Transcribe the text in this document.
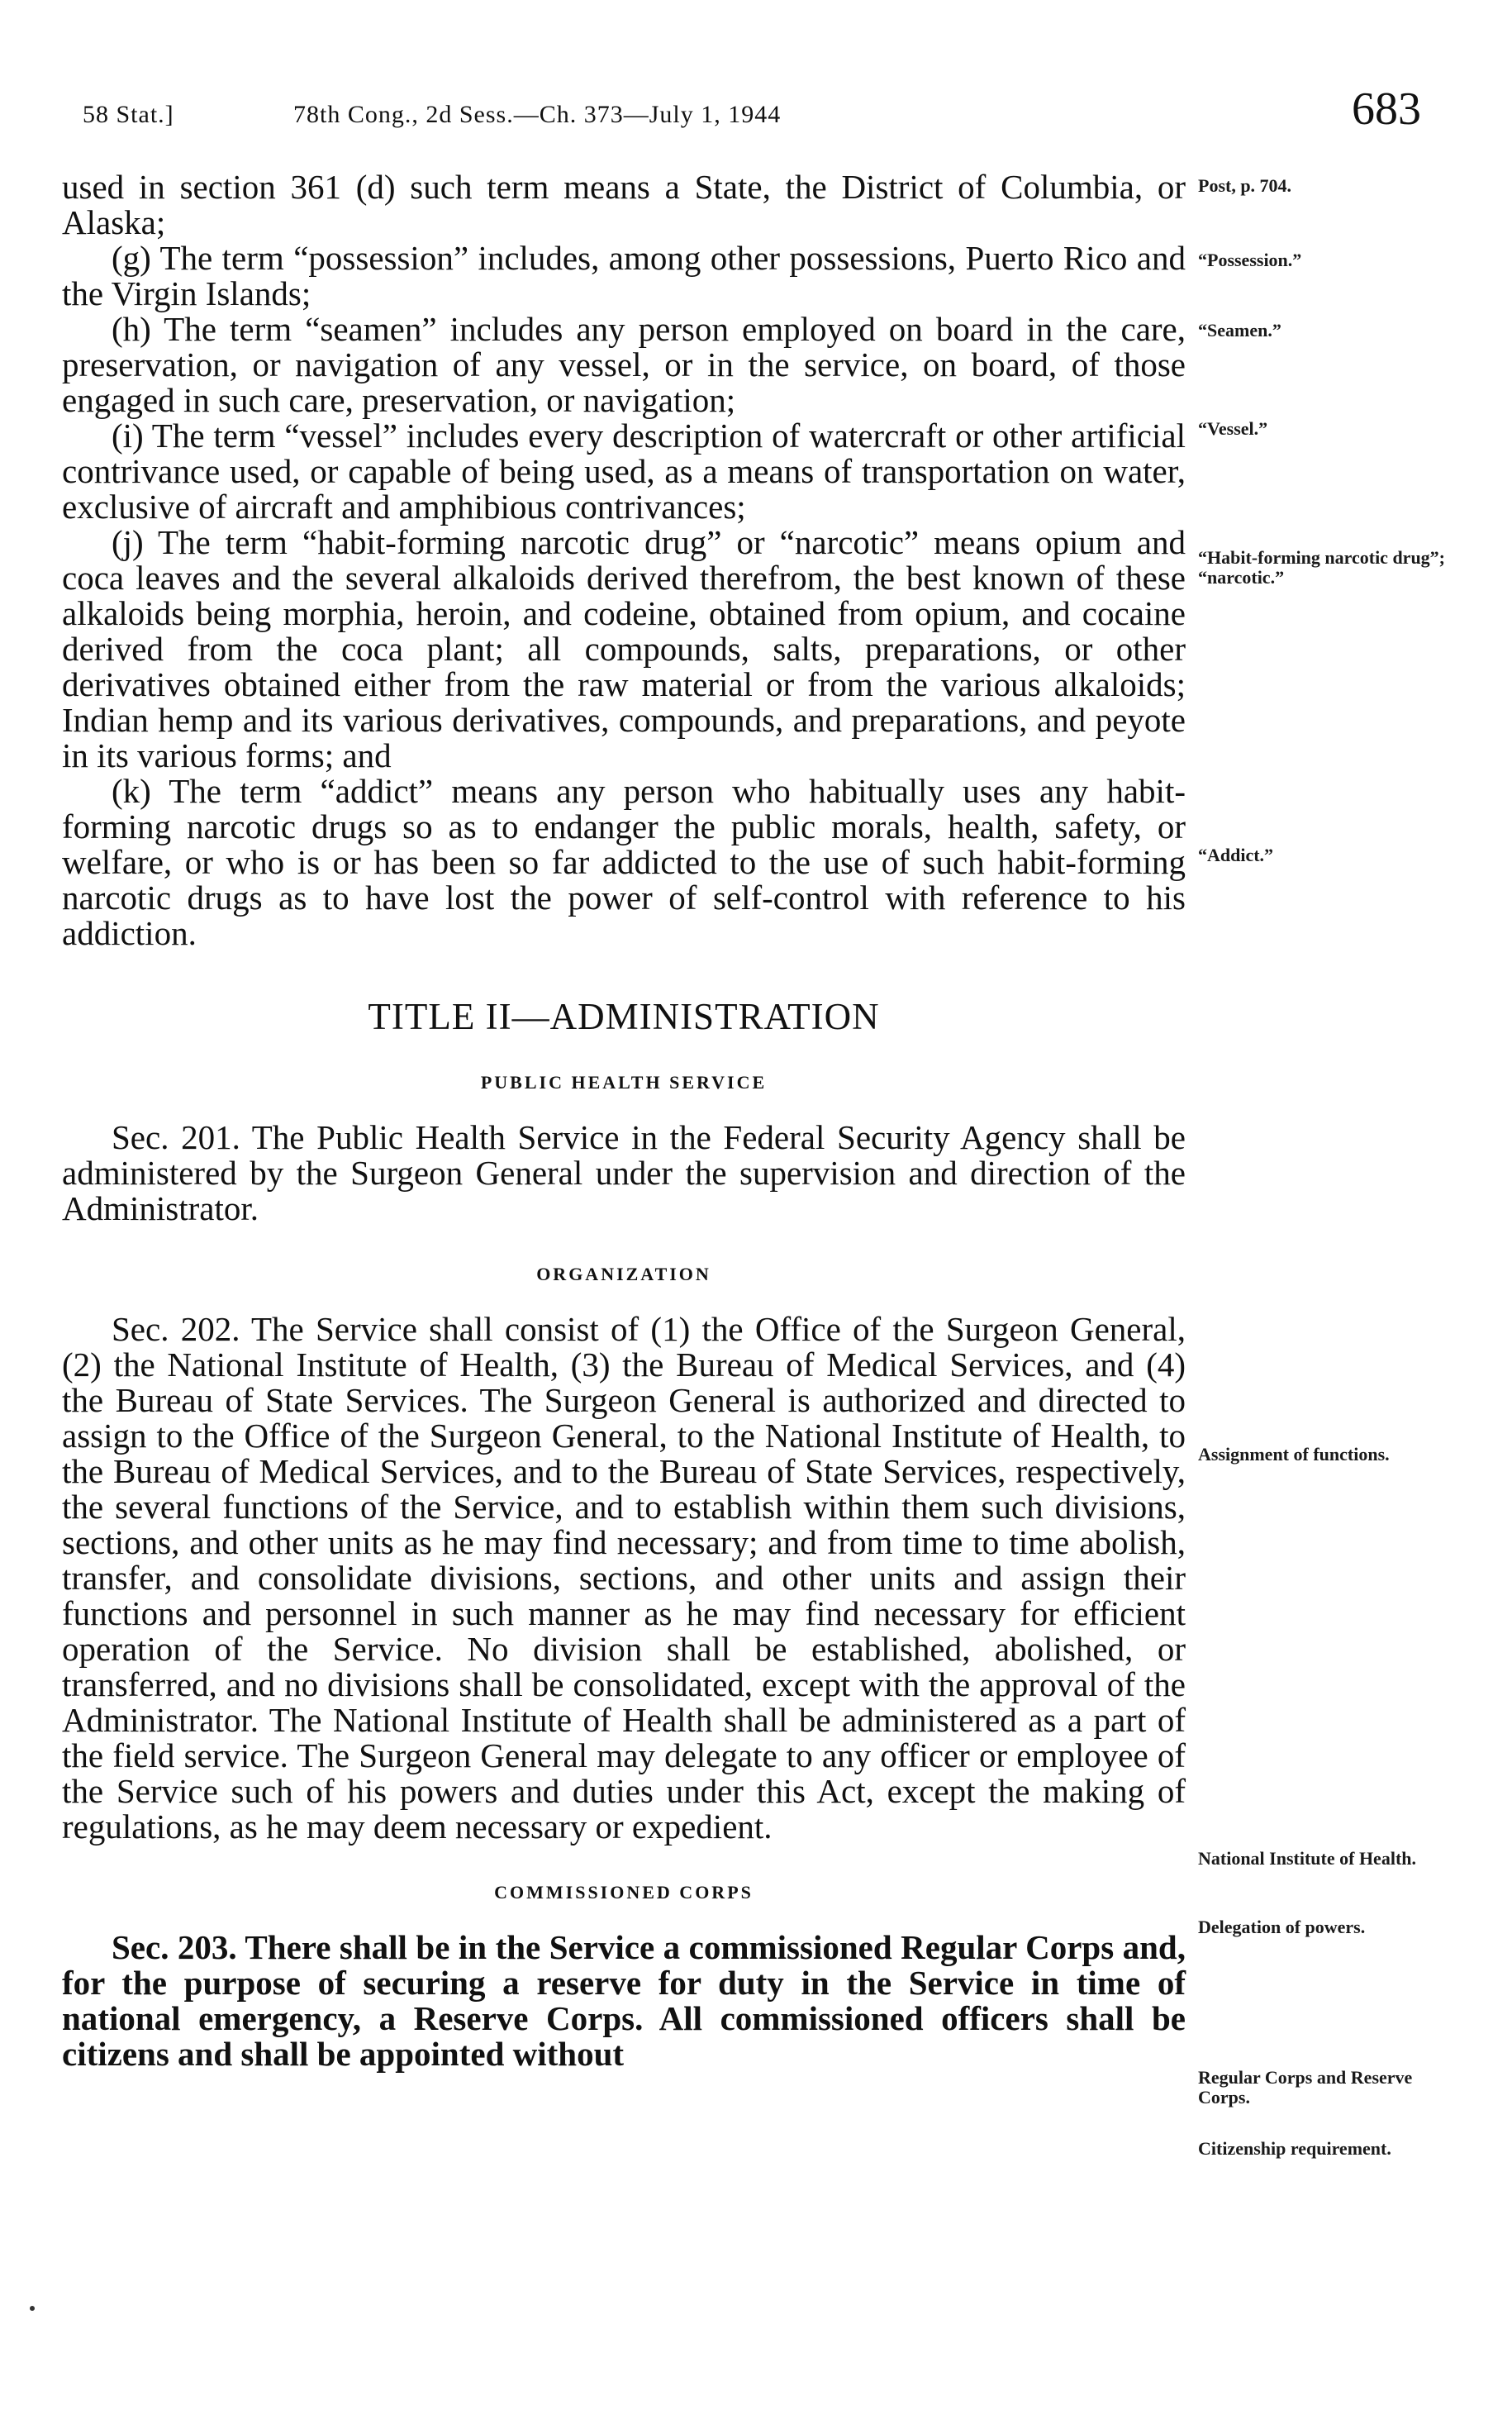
58 Stat.]	78th Cong., 2d Sess.—Ch. 373—July 1, 1944	683

used in section 361 (d) such term means a State, the District of Columbia, or Alaska;

(g) The term “possession” includes, among other possessions, Puerto Rico and the Virgin Islands;

(h) The term “seamen” includes any person employed on board in the care, preservation, or navigation of any vessel, or in the service, on board, of those engaged in such care, preservation, or navigation;

(i) The term “vessel” includes every description of watercraft or other artificial contrivance used, or capable of being used, as a means of transportation on water, exclusive of aircraft and amphibious contrivances;

(j) The term “habit-forming narcotic drug” or “narcotic” means opium and coca leaves and the several alkaloids derived therefrom, the best known of these alkaloids being morphia, heroin, and codeine, obtained from opium, and cocaine derived from the coca plant; all compounds, salts, preparations, or other derivatives obtained either from the raw material or from the various alkaloids; Indian hemp and its various derivatives, compounds, and preparations, and peyote in its various forms; and

(k) The term “addict” means any person who habitually uses any habit-forming narcotic drugs so as to endanger the public morals, health, safety, or welfare, or who is or has been so far addicted to the use of such habit-forming narcotic drugs as to have lost the power of self-control with reference to his addiction.

TITLE II—ADMINISTRATION
PUBLIC HEALTH SERVICE

Sec. 201. The Public Health Service in the Federal Security Agency shall be administered by the Surgeon General under the supervision and direction of the Administrator.

ORGANIZATION

Sec. 202. The Service shall consist of (1) the Office of the Surgeon General, (2) the National Institute of Health, (3) the Bureau of Medical Services, and (4) the Bureau of State Services. The Surgeon General is authorized and directed to assign to the Office of the Surgeon General, to the National Institute of Health, to the Bureau of Medical Services, and to the Bureau of State Services, respectively, the several functions of the Service, and to establish within them such divisions, sections, and other units as he may find necessary; and from time to time abolish, transfer, and consolidate divisions, sections, and other units and assign their functions and personnel in such manner as he may find necessary for efficient operation of the Service. No division shall be established, abolished, or transferred, and no divisions shall be consolidated, except with the approval of the Administrator. The National Institute of Health shall be administered as a part of the field service. The Surgeon General may delegate to any officer or employee of the Service such of his powers and duties under this Act, except the making of regulations, as he may deem necessary or expedient.

COMMISSIONED CORPS

Sec. 203. There shall be in the Service a commissioned Regular Corps and, for the purpose of securing a reserve for duty in the Service in time of national emergency, a Reserve Corps. All commissioned officers shall be citizens and shall be appointed without

Post, p. 704.
“Possession.”
“Seamen.”
“Vessel.”
“Habit-forming narcotic drug”; “narcotic.”
“Addict.”
Assignment of functions.
National Institute of Health.
Delegation of powers.
Regular Corps and Reserve Corps.
Citizenship requirement.
